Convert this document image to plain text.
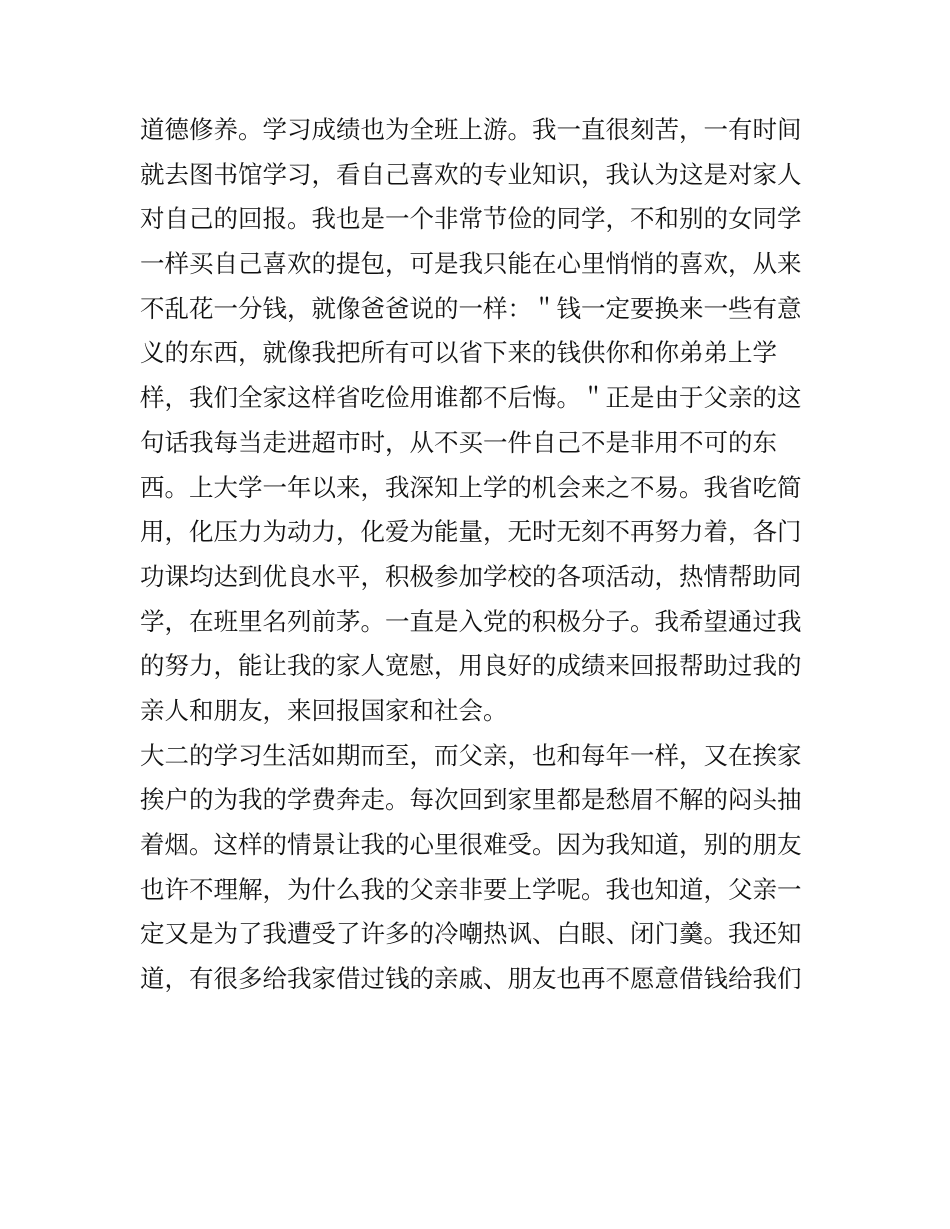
道德修养。学习成绩也为全班上游。我一直很刻苦，一有时间
就去图书馆学习，看自己喜欢的专业知识，我认为这是对家人
对自己的回报。我也是一个非常节俭的同学，不和别的女同学
一样买自己喜欢的提包，可是我只能在心里悄悄的喜欢，从来
不乱花一分钱，就像爸爸说的一样：＂钱一定要换来一些有意
义的东西，就像我把所有可以省下来的钱供你和你弟弟上学
样，我们全家这样省吃俭用谁都不后悔。＂正是由于父亲的这
句话我每当走进超市时，从不买一件自己不是非用不可的东
西。上大学一年以来，我深知上学的机会来之不易。我省吃简
用，化压力为动力，化爱为能量，无时无刻不再努力着，各门
功课均达到优良水平，积极参加学校的各项活动，热情帮助同
学，在班里名列前茅。一直是入党的积极分子。我希望通过我
的努力，能让我的家人宽慰，用良好的成绩来回报帮助过我的
亲人和朋友，来回报国家和社会。
大二的学习生活如期而至，而父亲，也和每年一样，又在挨家
挨户的为我的学费奔走。每次回到家里都是愁眉不解的闷头抽
着烟。这样的情景让我的心里很难受。因为我知道，别的朋友
也许不理解，为什么我的父亲非要上学呢。我也知道，父亲一
定又是为了我遭受了许多的冷嘲热讽、白眼、闭门羹。我还知
道，有很多给我家借过钱的亲戚、朋友也再不愿意借钱给我们
